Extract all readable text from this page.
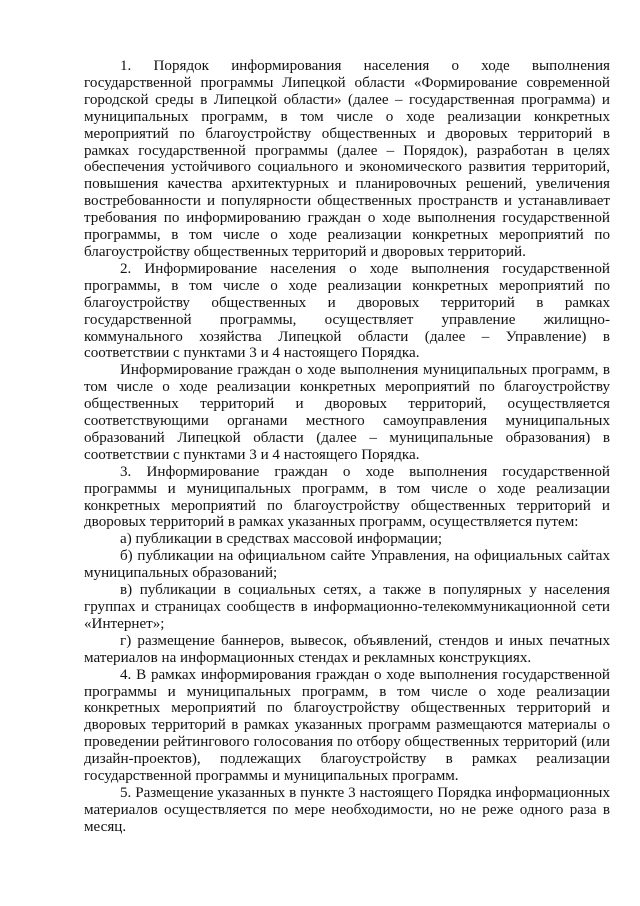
1. Порядок информирования населения о ходе выполнения государственной программы Липецкой области «Формирование современной городской среды в Липецкой области» (далее – государственная программа) и муниципальных программ, в том числе о ходе реализации конкретных мероприятий по благоустройству общественных и дворовых территорий в рамках государственной программы (далее – Порядок), разработан в целях обеспечения устойчивого социального и экономического развития территорий, повышения качества архитектурных и планировочных решений, увеличения востребованности и популярности общественных пространств и устанавливает требования по информированию граждан о ходе выполнения государственной программы, в том числе о ходе реализации конкретных мероприятий по благоустройству общественных территорий и дворовых территорий.

2. Информирование населения о ходе выполнения государственной программы, в том числе о ходе реализации конкретных мероприятий по благоустройству общественных и дворовых территорий в рамках государственной программы, осуществляет управление жилищно-коммунального хозяйства Липецкой области (далее – Управление) в соответствии с пунктами 3 и 4 настоящего Порядка.

Информирование граждан о ходе выполнения муниципальных программ, в том числе о ходе реализации конкретных мероприятий по благоустройству общественных территорий и дворовых территорий, осуществляется соответствующими органами местного самоуправления муниципальных образований Липецкой области (далее – муниципальные образования) в соответствии с пунктами 3 и 4 настоящего Порядка.

3. Информирование граждан о ходе выполнения государственной программы и муниципальных программ, в том числе о ходе реализации конкретных мероприятий по благоустройству общественных территорий и дворовых территорий в рамках указанных программ, осуществляется путем:

а) публикации в средствах массовой информации;

б) публикации на официальном сайте Управления, на официальных сайтах муниципальных образований;

в) публикации в социальных сетях, а также в популярных у населения группах и страницах сообществ в информационно-телекоммуникационной сети «Интернет»;

г) размещение баннеров, вывесок, объявлений, стендов и иных печатных материалов на информационных стендах и рекламных конструкциях.

4. В рамках информирования граждан о ходе выполнения государственной программы и муниципальных программ, в том числе о ходе реализации конкретных мероприятий по благоустройству общественных территорий и дворовых территорий в рамках указанных программ размещаются материалы о проведении рейтингового голосования по отбору общественных территорий (или дизайн-проектов), подлежащих благоустройству в рамках реализации государственной программы и муниципальных программ.

5. Размещение указанных в пункте 3 настоящего Порядка информационных материалов осуществляется по мере необходимости, но не реже одного раза в месяц.
